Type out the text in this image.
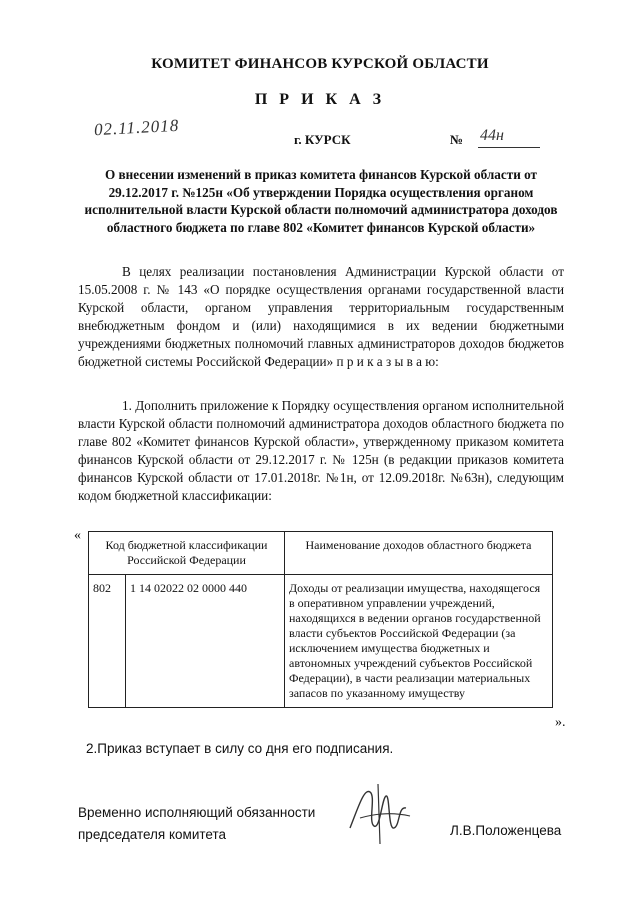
КОМИТЕТ ФИНАНСОВ КУРСКОЙ ОБЛАСТИ
П Р И К А З
02.11.2018
г. КУРСК	№ 44н
О внесении изменений в приказ комитета финансов Курской области от 29.12.2017 г. №125н «Об утверждении Порядка осуществления органом исполнительной власти Курской области полномочий администратора доходов областного бюджета по главе 802 «Комитет финансов Курской области»
В целях реализации постановления Администрации Курской области от 15.05.2008 г. № 143 «О порядке осуществления органами государственной власти Курской области, органом управления территориальным государственным внебюджетным фондом и (или) находящимися в их ведении бюджетными учреждениями бюджетных полномочий главных администраторов доходов бюджетов бюджетной системы Российской Федерации» п р и к а з ы в а ю:
1. Дополнить приложение к Порядку осуществления органом исполнительной власти Курской области полномочий администратора доходов областного бюджета по главе 802 «Комитет финансов Курской области», утвержденному приказом комитета финансов Курской области от 29.12.2017 г. № 125н (в редакции приказов комитета финансов Курской области от 17.01.2018г. №1н, от 12.09.2018г. №63н), следующим кодом бюджетной классификации:
«
Код бюджетной классификации Российской Федерации		Наименование доходов областного бюджета
802	1 14 02022 02 0000 440	Доходы от реализации имущества, находящегося в оперативном управлении учреждений, находящихся в ведении органов государственной власти субъектов Российской Федерации (за исключением имущества бюджетных и автономных учреждений субъектов Российской Федерации), в части реализации материальных запасов по указанному имуществу
».
2.Приказ вступает в силу со дня его подписания.
Временно исполняющий обязанности
председателя комитета	Л.В.Положенцева
